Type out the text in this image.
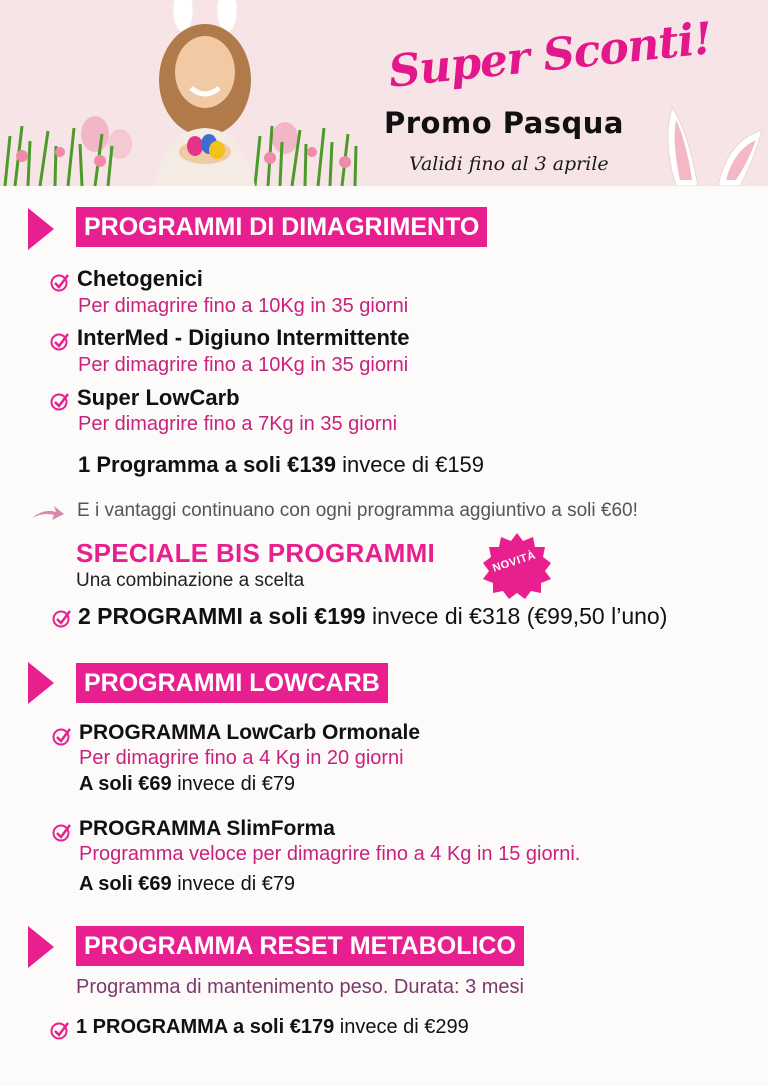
Super Sconti!
Promo Pasqua
Validi fino al 3 aprile
PROGRAMMI DI DIMAGRIMENTO
Chetogenici
Per dimagrire fino a 10Kg in 35 giorni
InterMed - Digiuno Intermittente
Per dimagrire fino a 10Kg in 35 giorni
Super LowCarb
Per dimagrire fino a 7Kg in 35 giorni
1 Programma a soli €139 invece di €159
E i vantaggi continuano con ogni programma aggiuntivo a soli €60!
SPECIALE BIS PROGRAMMI
Una combinazione a scelta
NOVITÀ
2 PROGRAMMI a soli €199 invece di €318 (€99,50 l’uno)
PROGRAMMI LOWCARB
PROGRAMMA LowCarb Ormonale
Per dimagrire fino a 4 Kg in 20 giorni
A soli €69 invece di €79
PROGRAMMA SlimForma
Programma veloce per dimagrire fino a 4 Kg in 15 giorni.
A soli €69 invece di €79
PROGRAMMA RESET METABOLICO
Programma di mantenimento peso. Durata: 3 mesi
1 PROGRAMMA a soli €179 invece di €299
